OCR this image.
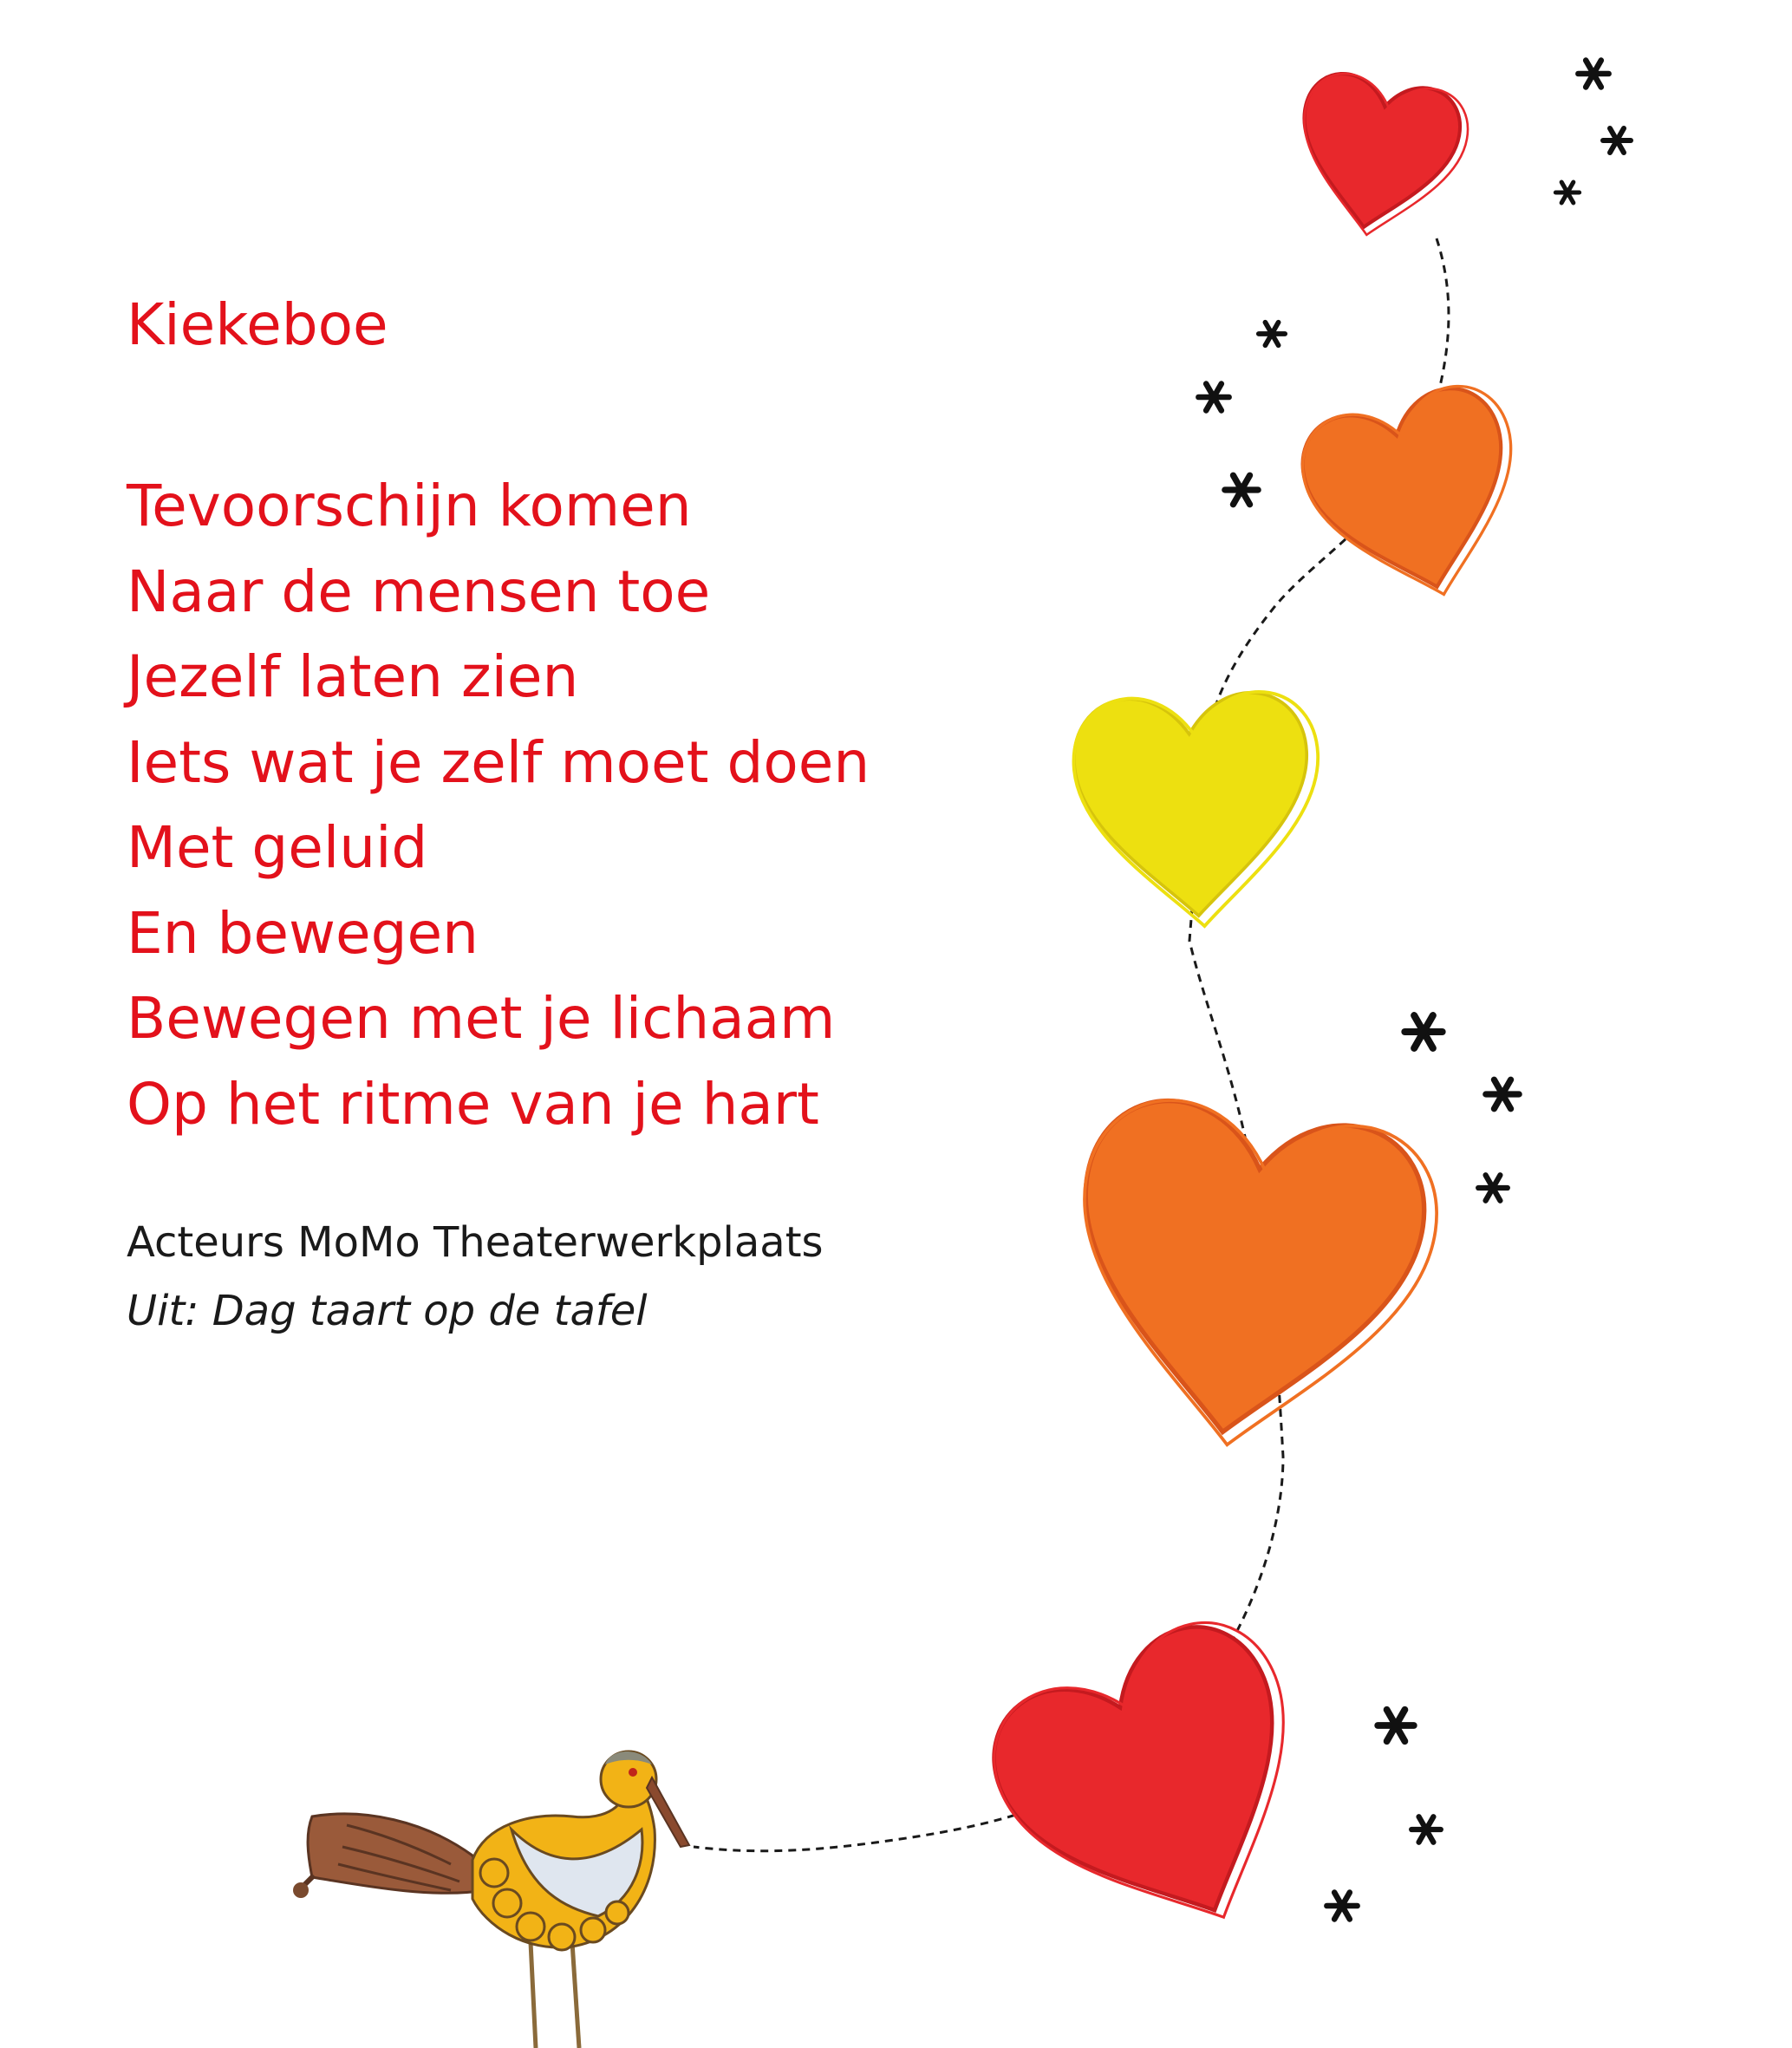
Kiekeboe
Tevoorschijn komen
Naar de mensen toe
Jezelf laten zien
Iets wat je zelf moet doen
Met geluid
En bewegen
Bewegen met je lichaam
Op het ritme van je hart
Acteurs MoMo Theaterwerkplaats
Uit: Dag taart op de tafel
